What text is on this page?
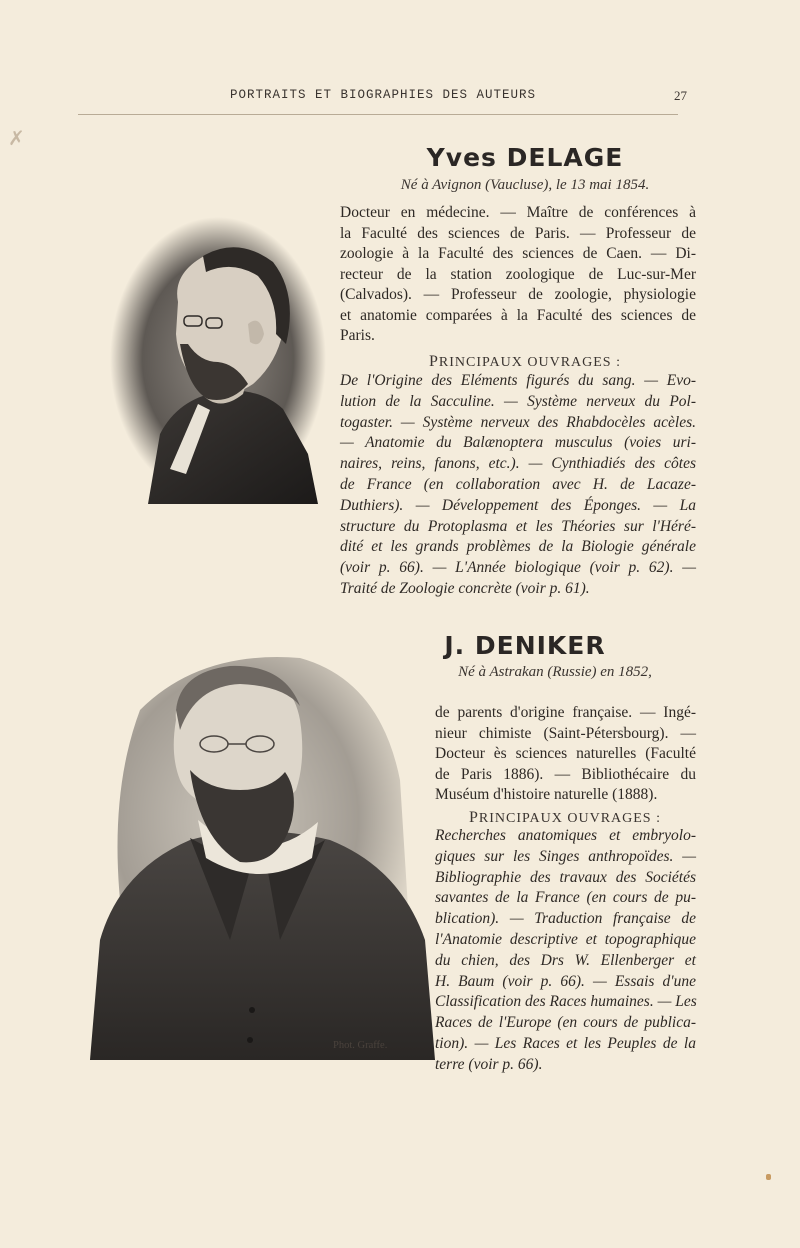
PORTRAITS ET BIOGRAPHIES DES AUTEURS	27
✗
Yves DELAGE
Né à Avignon (Vaucluse), le 13 mai 1854.
Docteur en médecine. — Maître de conférences à
la Faculté des sciences de Paris. — Professeur de
zoologie à la Faculté des sciences de Caen. — Di-
recteur de la station zoologique de Luc-sur-Mer
(Calvados). — Professeur de zoologie, physiologie
et anatomie comparées à la Faculté des sciences de
Paris.
PRINCIPAUX OUVRAGES :
De l'Origine des Eléments figurés du sang. — Evo-
lution de la Sacculine. — Système nerveux du Pol-
togaster. — Système nerveux des Rhabdocèles acèles.
— Anatomie du Balænoptera musculus (voies uri-
naires, reins, fanons, etc.). — Cynthiadiés des côtes
de France (en collaboration avec H. de Lacaze-
Duthiers). — Développement des Éponges. — La
structure du Protoplasma et les Théories sur l'Héré-
dité et les grands problèmes de la Biologie générale
(voir p. 66). — L'Année biologique (voir p. 62). —
Traité de Zoologie concrète (voir p. 61).
J. DENIKER
Né à Astrakan (Russie) en 1852,
Phot. Graffe.
de parents d'origine française. — Ingé-
nieur chimiste (Saint-Pétersbourg). —
Docteur ès sciences naturelles (Faculté
de Paris 1886). — Bibliothécaire du
Muséum d'histoire naturelle (1888).
PRINCIPAUX OUVRAGES :
Recherches anatomiques et embryolo-
giques sur les Singes anthropoïdes. —
Bibliographie des travaux des Sociétés
savantes de la France (en cours de pu-
blication). — Traduction française de
l'Anatomie descriptive et topographique
du chien, des Drs W. Ellenberger et
H. Baum (voir p. 66). — Essais d'une
Classification des Races humaines. — Les
Races de l'Europe (en cours de publica-
tion). — Les Races et les Peuples de la
terre (voir p. 66).
